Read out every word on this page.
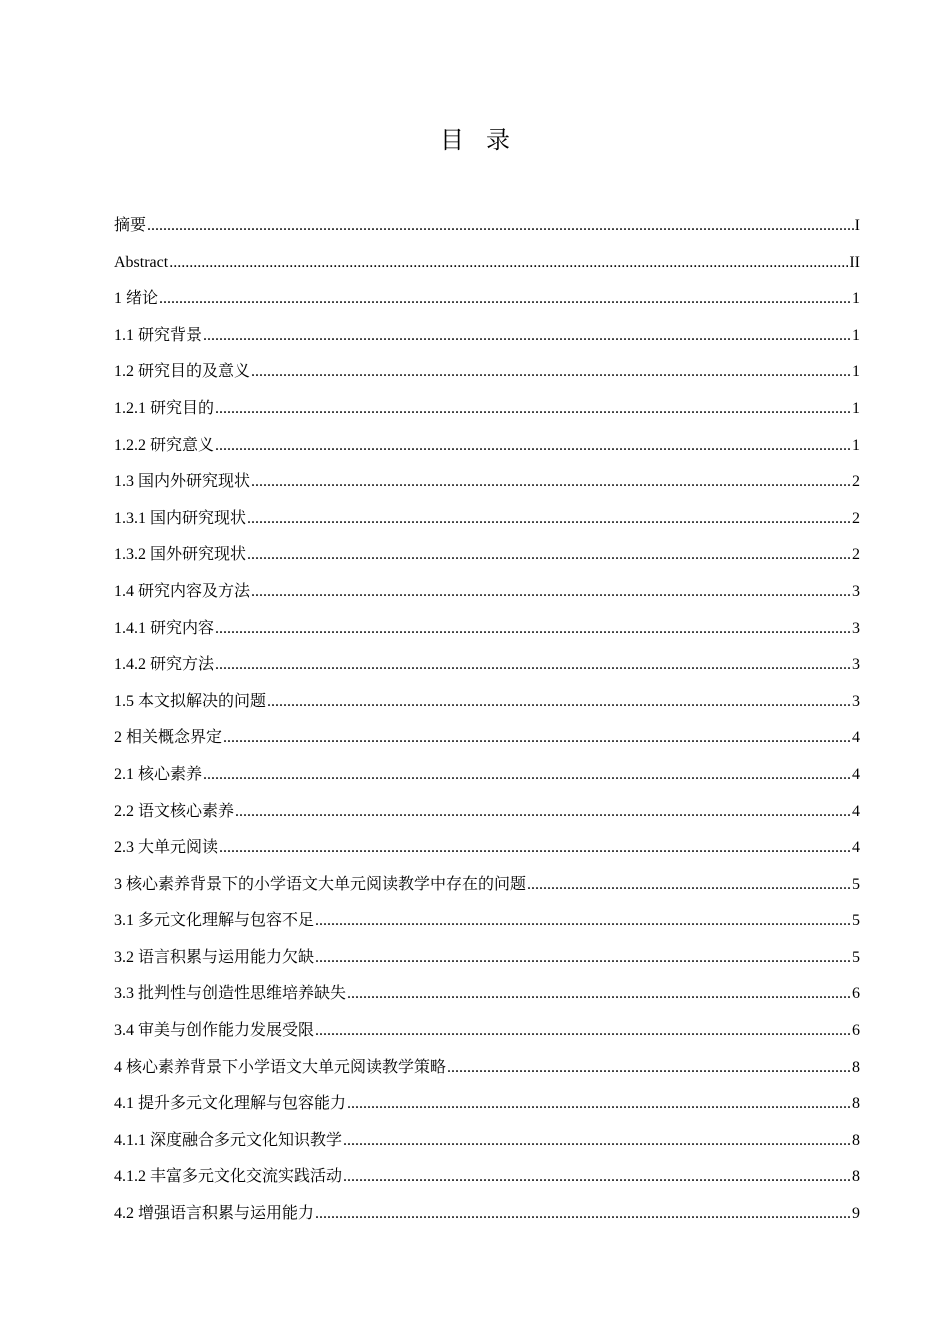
目录
摘要 .....	I
Abstract .....	II
1 绪论 .....	1
1.1 研究背景 .....	1
1.2 研究目的及意义 .....	1
1.2.1 研究目的 .....	1
1.2.2 研究意义 .....	1
1.3 国内外研究现状 .....	2
1.3.1 国内研究现状 .....	2
1.3.2 国外研究现状 .....	2
1.4 研究内容及方法 .....	3
1.4.1 研究内容 .....	3
1.4.2 研究方法 .....	3
1.5 本文拟解决的问题 .....	3
2 相关概念界定 .....	4
2.1 核心素养 .....	4
2.2 语文核心素养 .....	4
2.3 大单元阅读 .....	4
3 核心素养背景下的小学语文大单元阅读教学中存在的问题 .....	5
3.1 多元文化理解与包容不足 .....	5
3.2 语言积累与运用能力欠缺 .....	5
3.3 批判性与创造性思维培养缺失 .....	6
3.4 审美与创作能力发展受限 .....	6
4 核心素养背景下小学语文大单元阅读教学策略 .....	8
4.1 提升多元文化理解与包容能力 .....	8
4.1.1 深度融合多元文化知识教学 .....	8
4.1.2 丰富多元文化交流实践活动 .....	8
4.2 增强语言积累与运用能力 .....	9
